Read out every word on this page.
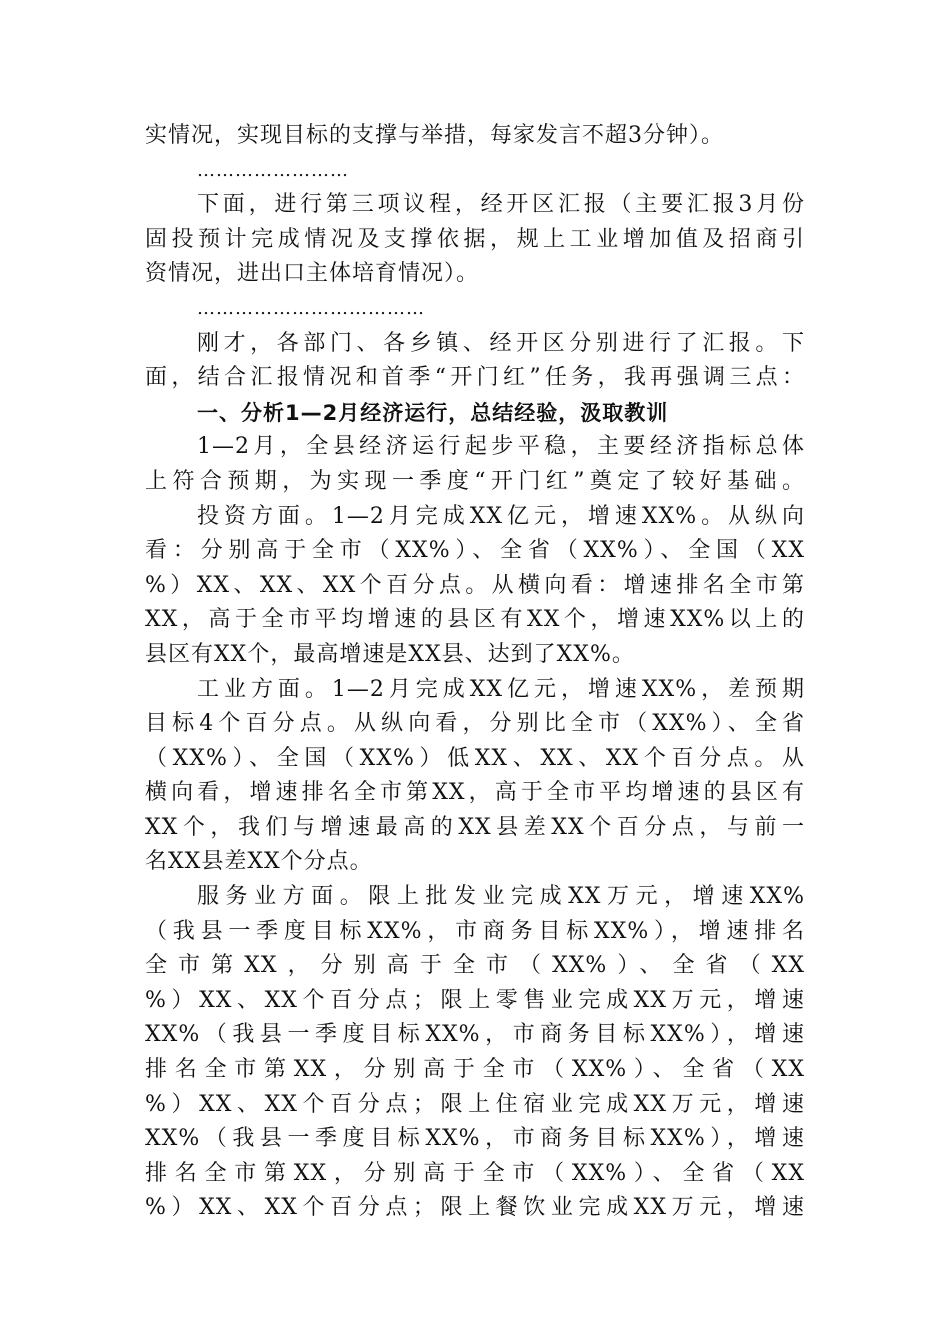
实情况，实现目标的支撑与举措，每家发言不超3分钟）。
……………………
下面，进行第三项议程，经开区汇报（主要汇报3月份
固投预计完成情况及支撑依据，规上工业增加值及招商引
资情况，进出口主体培育情况）。
………………………………
刚才，各部门、各乡镇、经开区分别进行了汇报。下
面，结合汇报情况和首季“开门红”任务，我再强调三点：
一、分析1—2月经济运行，总结经验，汲取教训
1—2月，全县经济运行起步平稳，主要经济指标总体
上符合预期，为实现一季度“开门红”奠定了较好基础。
投资方面。1—2月完成XX亿元，增速XX%。从纵向
看：分别高于全市（XX%）、全省（XX%）、全国（XX
%）XX、XX、XX个百分点。从横向看：增速排名全市第
XX，高于全市平均增速的县区有XX个，增速XX%以上的
县区有XX个，最高增速是XX县、达到了XX%。
工业方面。1—2月完成XX亿元，增速XX%，差预期
目标4个百分点。从纵向看，分别比全市（XX%）、全省
（XX%）、全国（XX%）低XX、XX、XX个百分点。从
横向看，增速排名全市第XX，高于全市平均增速的县区有
XX个，我们与增速最高的XX县差XX个百分点，与前一
名XX县差XX个分点。
服务业方面。限上批发业完成XX万元，增速XX%
（我县一季度目标XX%，市商务目标XX%），增速排名
全市第XX，分别高于全市（XX%）、全省（XX
%）XX、XX个百分点；限上零售业完成XX万元，增速
XX%（我县一季度目标XX%，市商务目标XX%），增速
排名全市第XX，分别高于全市（XX%）、全省（XX
%）XX、XX个百分点；限上住宿业完成XX万元，增速
XX%（我县一季度目标XX%，市商务目标XX%），增速
排名全市第XX，分别高于全市（XX%）、全省（XX
%）XX、XX个百分点；限上餐饮业完成XX万元，增速
